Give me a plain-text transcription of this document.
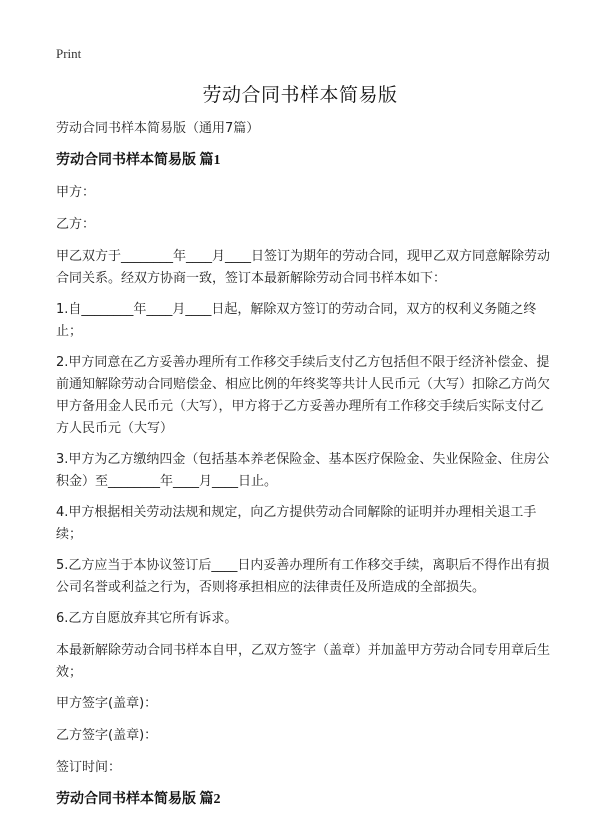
Print
劳动合同书样本简易版

劳动合同书样本简易版（通用7篇）

劳动合同书样本简易版 篇1

甲方：

乙方：

甲乙双方于________年____月____日签订为期年的劳动合同，现甲乙双方同意解除劳动合同关系。经双方协商一致，签订本最新解除劳动合同书样本如下：

1.自________年____月____日起，解除双方签订的劳动合同，双方的权利义务随之终止；

2.甲方同意在乙方妥善办理所有工作移交手续后支付乙方包括但不限于经济补偿金、提前通知解除劳动合同赔偿金、相应比例的年终奖等共计人民币元（大写）扣除乙方尚欠甲方备用金人民币元（大写），甲方将于乙方妥善办理所有工作移交手续后实际支付乙方人民币元（大写）

3.甲方为乙方缴纳四金（包括基本养老保险金、基本医疗保险金、失业保险金、住房公积金）至________年____月____日止。

4.甲方根据相关劳动法规和规定，向乙方提供劳动合同解除的证明并办理相关退工手续；

5.乙方应当于本协议签订后____日内妥善办理所有工作移交手续，离职后不得作出有损公司名誉或利益之行为，否则将承担相应的法律责任及所造成的全部损失。

6.乙方自愿放弃其它所有诉求。

本最新解除劳动合同书样本自甲，乙双方签字（盖章）并加盖甲方劳动合同专用章后生效；

甲方签字(盖章)：

乙方签字(盖章)：

签订时间：

劳动合同书样本简易版 篇2
